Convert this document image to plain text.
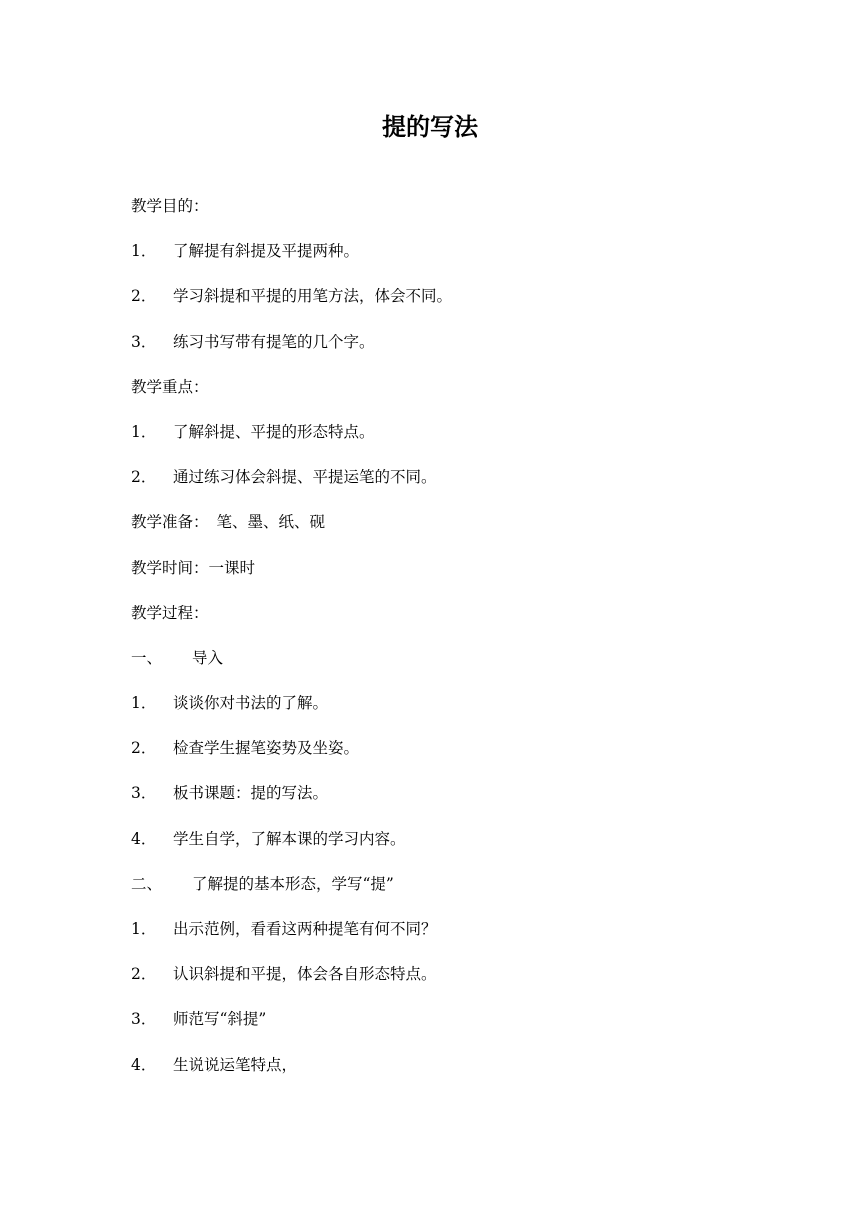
提的写法
教学目的：
1．	了解提有斜提及平提两种。
2．	学习斜提和平提的用笔方法，体会不同。
3．	练习书写带有提笔的几个字。
教学重点：
1．	了解斜提、平提的形态特点。
2．	通过练习体会斜提、平提运笔的不同。
教学准备： 笔、墨、纸、砚
教学时间： 一课时
教学过程：
一、	导入
1．	谈谈你对书法的了解。
2．	检查学生握笔姿势及坐姿。
3．	板书课题：提的写法。
4．	学生自学，了解本课的学习内容。
二、	了解提的基本形态，学写“提”
1．	出示范例，看看这两种提笔有何不同？
2．	认识斜提和平提，体会各自形态特点。
3．	师范写“斜提”
4．	生说说运笔特点，
